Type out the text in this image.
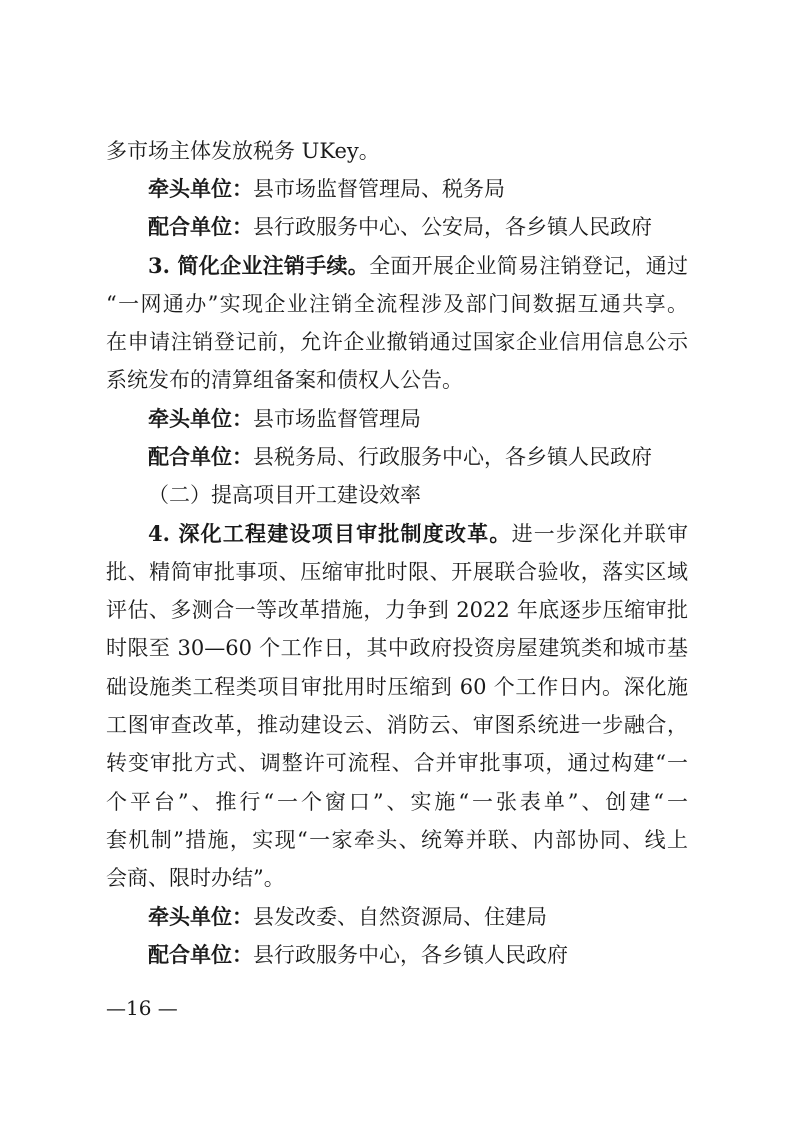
多市场主体发放税务 UKey。
牵头单位：县市场监督管理局、税务局
配合单位：县行政服务中心、公安局，各乡镇人民政府
3. 简化企业注销手续。全面开展企业简易注销登记，通过
“一网通办”实现企业注销全流程涉及部门间数据互通共享。
在申请注销登记前，允许企业撤销通过国家企业信用信息公示
系统发布的清算组备案和债权人公告。
牵头单位：县市场监督管理局
配合单位：县税务局、行政服务中心，各乡镇人民政府
（二）提高项目开工建设效率
4. 深化工程建设项目审批制度改革。进一步深化并联审
批、精简审批事项、压缩审批时限、开展联合验收，落实区域
评估、多测合一等改革措施，力争到 2022 年底逐步压缩审批
时限至 30—60 个工作日，其中政府投资房屋建筑类和城市基
础设施类工程类项目审批用时压缩到 60 个工作日内。深化施
工图审查改革，推动建设云、消防云、审图系统进一步融合，
转变审批方式、调整许可流程、合并审批事项，通过构建“一
个平台”、推行“一个窗口”、实施“一张表单”、创建“一
套机制”措施，实现“一家牵头、统筹并联、内部协同、线上
会商、限时办结”。
牵头单位：县发改委、自然资源局、住建局
配合单位：县行政服务中心，各乡镇人民政府
—16 —
